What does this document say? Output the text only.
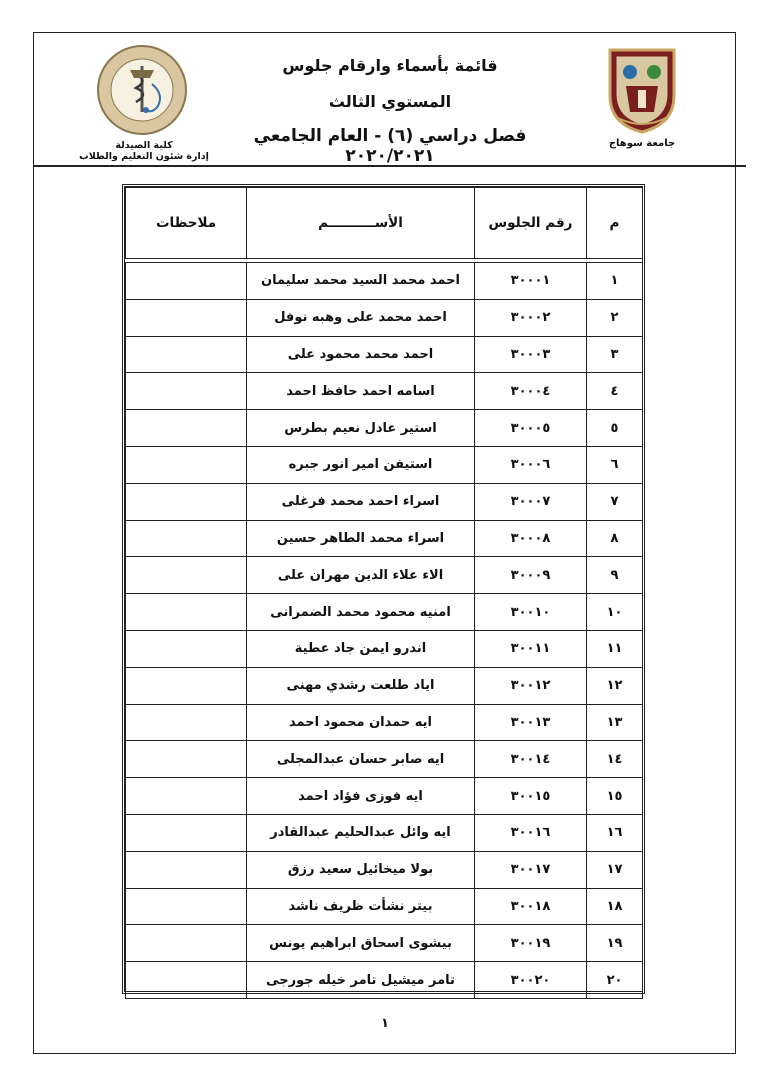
جامعة سوهاج
كلية الصيدلة
إدارة شئون التعليم والطلاب
قائمة بأسماء وارقام جلوس
المستوي الثالث
فصل دراسي (٦) - العام الجامعي ٢٠٢٠/٢٠٢١
م	رقم الجلوس	الأســــــــــم	ملاحظات

١	٣٠٠٠١	احمد محمد السيد محمد سليمان	
٢	٣٠٠٠٢	احمد محمد على وهبه نوفل	
٣	٣٠٠٠٣	احمد محمد محمود على	
٤	٣٠٠٠٤	اسامه احمد حافظ احمد	
٥	٣٠٠٠٥	استير عادل نعيم بطرس	
٦	٣٠٠٠٦	استيفن امير انور جبره	
٧	٣٠٠٠٧	اسراء احمد محمد فرغلى	
٨	٣٠٠٠٨	اسراء محمد الطاهر حسين	
٩	٣٠٠٠٩	الاء علاء الدين مهران على	
١٠	٣٠٠١٠	امنيه محمود محمد الضمرانى	
١١	٣٠٠١١	اندرو ايمن جاد عطية	
١٢	٣٠٠١٢	اياد طلعت رشدي مهنى	
١٣	٣٠٠١٣	ايه حمدان محمود احمد	
١٤	٣٠٠١٤	ايه صابر حسان عبدالمجلى	
١٥	٣٠٠١٥	ايه فوزى فؤاد احمد	
١٦	٣٠٠١٦	ايه وائل عبدالحليم عبدالقادر	
١٧	٣٠٠١٧	بولا ميخائيل سعيد رزق	
١٨	٣٠٠١٨	بيتر نشأت ظريف ناشد	
١٩	٣٠٠١٩	بيشوى اسحاق ابراهيم يونس	
٢٠	٣٠٠٢٠	تامر ميشيل تامر خيله جورجى	
١
